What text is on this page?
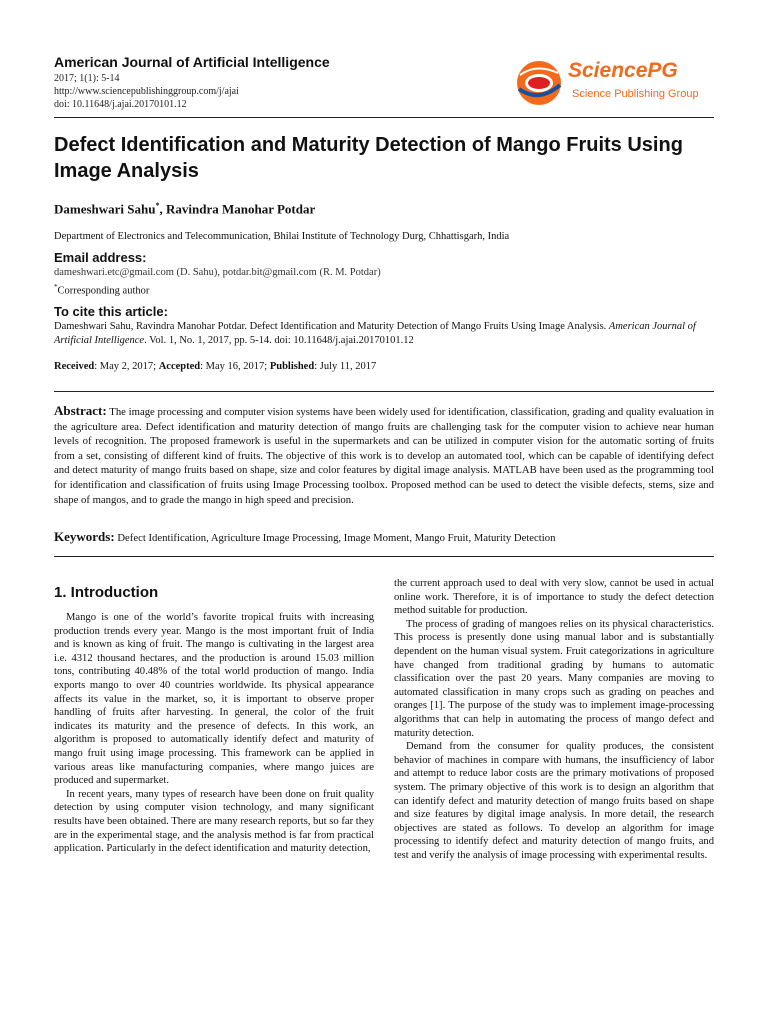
American Journal of Artificial Intelligence
2017; 1(1): 5-14
http://www.sciencepublishinggroup.com/j/ajai
doi: 10.11648/j.ajai.20170101.12
SciencePG
Science Publishing Group
Defect Identification and Maturity Detection of Mango Fruits Using Image Analysis
Dameshwari Sahu*, Ravindra Manohar Potdar
Department of Electronics and Telecommunication, Bhilai Institute of Technology Durg, Chhattisgarh, India
Email address:
dameshwari.etc@gmail.com (D. Sahu), potdar.bit@gmail.com (R. M. Potdar)
*Corresponding author
To cite this article:
Dameshwari Sahu, Ravindra Manohar Potdar. Defect Identification and Maturity Detection of Mango Fruits Using Image Analysis. American Journal of Artificial Intelligence. Vol. 1, No. 1, 2017, pp. 5-14. doi: 10.11648/j.ajai.20170101.12
Received: May 2, 2017; Accepted: May 16, 2017; Published: July 11, 2017
Abstract: The image processing and computer vision systems have been widely used for identification, classification, grading and quality evaluation in the agriculture area. Defect identification and maturity detection of mango fruits are challenging task for the computer vision to achieve near human levels of recognition. The proposed framework is useful in the supermarkets and can be utilized in computer vision for the automatic sorting of fruits from a set, consisting of different kind of fruits. The objective of this work is to develop an automated tool, which can be capable of identifying defect and detect maturity of mango fruits based on shape, size and color features by digital image analysis. MATLAB have been used as the programming tool for identification and classification of fruits using Image Processing toolbox. Proposed method can be used to detect the visible defects, stems, size and shape of mangos, and to grade the mango in high speed and precision.
Keywords: Defect Identification, Agriculture Image Processing, Image Moment, Mango Fruit, Maturity Detection
1. Introduction

Mango is one of the world’s favorite tropical fruits with increasing production trends every year. Mango is the most important fruit of India and is known as king of fruit. The mango is cultivating in the largest area i.e. 4312 thousand hectares, and the production is around 15.03 million tons, contributing 40.48% of the total world production of mango. India exports mango to over 40 countries worldwide. Its physical appearance affects its value in the market, so, it is important to observe proper handling of fruits after harvesting. In general, the color of the fruit indicates its maturity and the presence of defects. In this work, an algorithm is proposed to automatically identify defect and maturity of mango fruit using image processing. This framework can be applied in various areas like manufacturing companies, where mango juices are produced and supermarket.

In recent years, many types of research have been done on fruit quality detection by using computer vision technology, and many significant results have been obtained. There are many research reports, but so far they are in the experimental stage, and the analysis method is far from practical application. Particularly in the defect identification and maturity detection,

the current approach used to deal with very slow, cannot be used in actual online work. Therefore, it is of importance to study the defect detection method suitable for production.

The process of grading of mangoes relies on its physical characteristics. This process is presently done using manual labor and is substantially dependent on the human visual system. Fruit categorizations in agriculture have changed from traditional grading by humans to automatic classification over the past 20 years. Many companies are moving to automated classification in many crops such as grading on peaches and oranges [1]. The purpose of the study was to implement image-processing algorithms that can help in automating the process of mango defect and maturity detection.

Demand from the consumer for quality produces, the consistent behavior of machines in compare with humans, the insufficiency of labor and attempt to reduce labor costs are the primary motivations of proposed system. The primary objective of this work is to design an algorithm that can identify defect and maturity detection of mango fruits based on shape and size features by digital image analysis. In more detail, the research objectives are stated as follows. To develop an algorithm for image processing to identify defect and maturity detection of mango fruits, and test and verify the analysis of image processing with experimental results.
